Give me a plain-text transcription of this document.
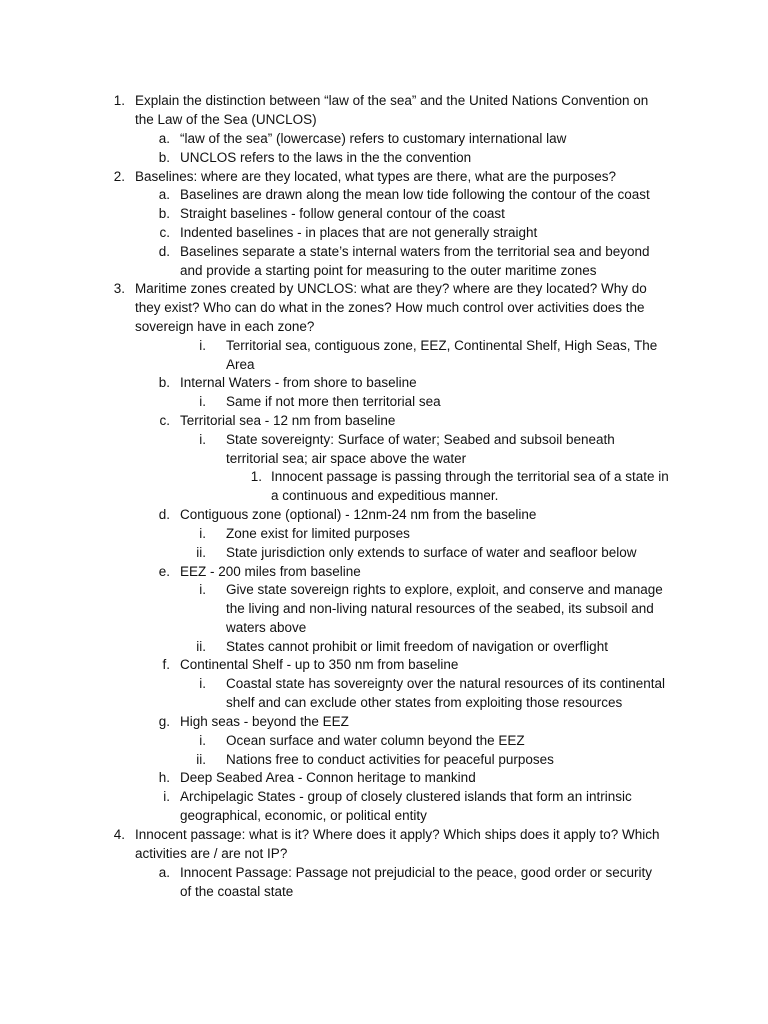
1. Explain the distinction between “law of the sea” and the United Nations Convention on
the Law of the Sea (UNCLOS)
a. “law of the sea” (lowercase) refers to customary international law
b. UNCLOS refers to the laws in the the convention
2. Baselines: where are they located, what types are there, what are the purposes?
a. Baselines are drawn along the mean low tide following the contour of the coast
b. Straight baselines - follow general contour of the coast
c. Indented baselines - in places that are not generally straight
d. Baselines separate a state’s internal waters from the territorial sea and beyond
and provide a starting point for measuring to the outer maritime zones
3. Maritime zones created by UNCLOS: what are they? where are they located? Why do
they exist? Who can do what in the zones? How much control over activities does the
sovereign have in each zone?
i. Territorial sea, contiguous zone, EEZ, Continental Shelf, High Seas, The
Area
b. Internal Waters - from shore to baseline
i. Same if not more then territorial sea
c. Territorial sea - 12 nm from baseline
i. State sovereignty: Surface of water; Seabed and subsoil beneath
territorial sea; air space above the water
1. Innocent passage is passing through the territorial sea of a state in
a continuous and expeditious manner.
d. Contiguous zone (optional) - 12nm-24 nm from the baseline
i. Zone exist for limited purposes
ii. State jurisdiction only extends to surface of water and seafloor below
e. EEZ - 200 miles from baseline
i. Give state sovereign rights to explore, exploit, and conserve and manage
the living and non-living natural resources of the seabed, its subsoil and
waters above
ii. States cannot prohibit or limit freedom of navigation or overflight
f. Continental Shelf - up to 350 nm from baseline
i. Coastal state has sovereignty over the natural resources of its continental
shelf and can exclude other states from exploiting those resources
g. High seas - beyond the EEZ
i. Ocean surface and water column beyond the EEZ
ii. Nations free to conduct activities for peaceful purposes
h. Deep Seabed Area - Connon heritage to mankind
i. Archipelagic States - group of closely clustered islands that form an intrinsic
geographical, economic, or political entity
4. Innocent passage: what is it? Where does it apply? Which ships does it apply to? Which
activities are / are not IP?
a. Innocent Passage: Passage not prejudicial to the peace, good order or security
of the coastal state
